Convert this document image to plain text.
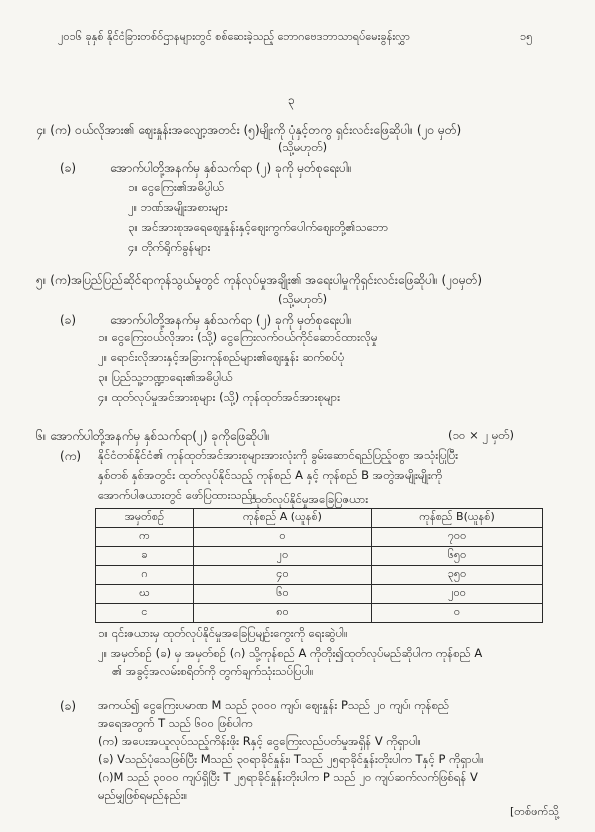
၂၀၁၆ ခုနှစ် နိုင်ငံခြားတစ်ဝ်ဌာနများတွင် စစ်ဆေးခဲ့သည့် ဘောဂဗေဒဘာသာရပ်မေးခွန်းလွှာ	၁၅
၃
၄။ (က) ဝယ်လိုအား၏ ဈေးနှုန်းအလျော့အတင်း (၅)မျိုးကို ပုံနှင့်တကွ ရှင်းလင်းဖြေဆိုပါ။ (၂၀ မှတ်)
(သို့မဟုတ်)
(ခ)	အောက်ပါတို့အနက်မှ နှစ်သက်ရာ (၂) ခုကို မှတ်စုရေးပါ။
၁။ ငွေကြေး၏အဓိပ္ပါယ်
၂။ ဘဏ်အမျိုးအစားများ
၃။ အင်အားစုအရေဈေးနှုန်းနှင့်ဈေးကွက်ပေါက်ဈေးတို့၏သဘော
၄။ တိုက်ရိုက်ခွန်များ
၅။ (က)အပြည်ပြည်ဆိုင်ရာကုန်သွယ်မှုတွင် ကုန်လုပ်မှုအချိုး၏ အရေးပါမှုကိုရှင်းလင်းဖြေဆိုပါ။ (၂၀မှတ်)
(သို့မဟုတ်)
(ခ)	အောက်ပါတို့အနက်မှ နှစ်သက်ရာ (၂) ခုကို မှတ်စုရေးပါ။
၁။ ငွေကြေးဝယ်လိုအား (သို့) ငွေကြေးလက်ဝယ်ကိုင်ဆောင်ထားလိုမှု
၂။ ရောင်းလိုအားနှင့်အခြားကုန်စည်များ၏ဈေးနှုန်း ဆက်စပ်ပုံ
၃။ ပြည်သူ့ဘဏ္ဍာရေး၏အဓိပ္ပါယ်
၄။ ထုတ်လုပ်မှုအင်အားစုများ (သို့) ကုန်ထုတ်အင်အားစုများ
၆။ အောက်ပါတို့အနက်မှ နှစ်သက်ရာ(၂) ခုကိုဖြေဆိုပါ။	(၁၀ × ၂ မှတ်)
(က) နိုင်ငံတစ်နိုင်ငံ၏ ကုန်ထုတ်အင်အားစုများအားလုံးကို ခွမ်းဆောင်ရည်ပြည့်ဝစွာ အသုံးပြုပြီး
နှစ်တစ် နှစ်အတွင်း ထုတ်လုပ်နိုင်သည့် ကုန်စည် A နှင့် ကုန်စည် B အတွဲအမျိုးမျိုးကို
အောက်ပါဇယားတွင် ဖော်ပြထားသည်။
ထုတ်လုပ်နိုင်မှုအခြေပြဇယား
အမှတ်စဉ်	ကုန်စည် A (ယူနစ်)	ကုန်စည် B(ယူနစ်)
က	၀	၇၀၀
ခ	၂၀	၆၅၀
ဂ	၄၀	၃၅၀
ဃ	၆၀	၂၀၀
င	၈၀	၀
၁။ ၎င်းဇယားမှ ထုတ်လုပ်နိုင်မှုအခြေပြမျဉ်းကွေးကို ရေးဆွဲပါ။
၂။ အမှတ်စဉ် (ခ) မှ အမှတ်စဉ် (ဂ) သို့ကုန်စည် A ကိုတိုး၍ထုတ်လုပ်မည်ဆိုပါက ကုန်စည် A
၏ အခွင့်အလမ်းစရိတ်ကို တွက်ချက်သုံးသပ်ပြပါ။
(ခ) အကယ်၍ ငွေကြေးပမာဏ M သည် ၃၀၀၀ ကျပ်၊ ဈေးနှုန်း Pသည် ၂၀ ကျပ်၊ ကုန်စည်
အရေအတွက် T သည် ၆၀၀ ဖြစ်ပါက
(က) အပေးအယူလုပ်သည့်ကိန်းဖိုး Rနှင့် ငွေကြေးလည်ပတ်မှုအရှိန် V ကိုရှာပါ။
(ခ) Vသည်ပုံသေဖြစ်ပြီး Mသည် ၃၀ရာခိုင်နှုန်း၊ Tသည် ၂၅ရာခိုင်နှုန်းတိုးပါက Tနှင့် P ကိုရှာပါ။
(ဂ)M သည် ၃၀၀၀ ကျပ်ရှိပြီး T ၂၅ရာခိုင်နှုန်းတိုးပါက P သည် ၂၀ ကျပ်ဆက်လက်ဖြစ်ရန် V
မည်မျှဖြစ်ရမည်နည်း။
[တစ်ဖက်သို့
